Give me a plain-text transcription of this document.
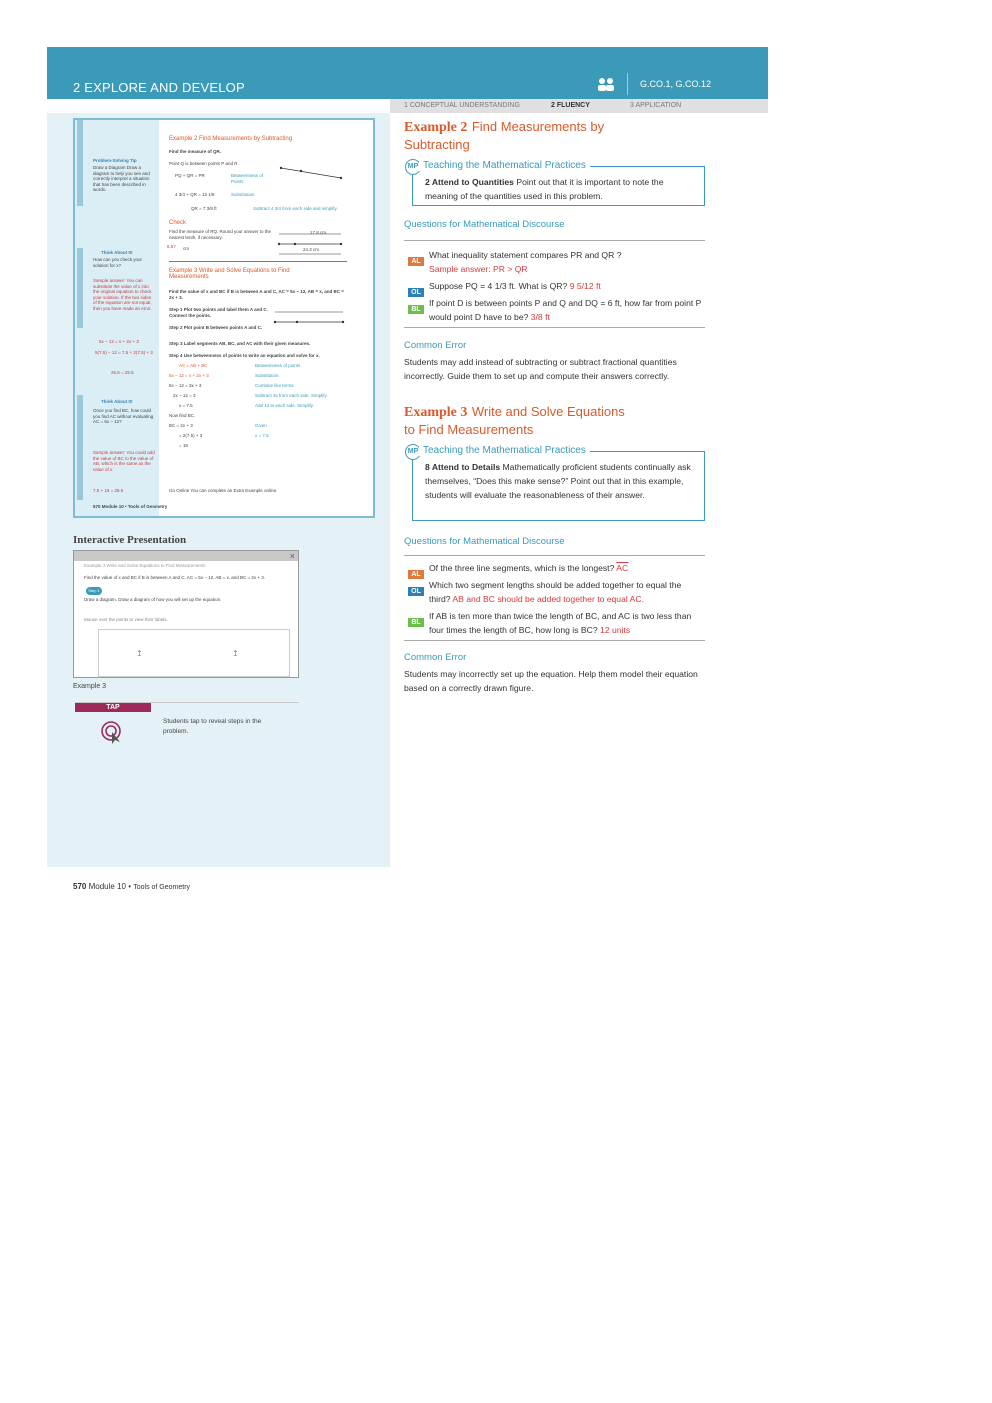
2 EXPLORE AND DEVELOP	G.CO.1, G.CO.12
1 CONCEPTUAL UNDERSTANDING	2 FLUENCY	3 APPLICATION
Problem-Solving Tip
Draw a Diagram Draw a diagram to help you see and correctly interpret a situation that has been described in words.
Think About It!
How can you check your solution for x?
Sample answer: You can substitute the value of x into the original equation to check your solution. If the two sides of the equation are not equal, then you have made an error.
5x − 12 = x + 2x + 3
5(7.5) − 12 = 7.5 + 2(7.5) + 3
25.5 = 25.5
Think About It!
Once you find BC, how could you find AC without evaluating AC = 5x − 12?
Sample answer: You could add the value of BC to the value of AB, which is the same as the value of x.
7.5 + 18 = 25.5
Example 2 Find Measurements by Subtracting
Find the measure of QR.
Point Q is between points P and R.
PQ + QR = PR	Betweenness of Points
4 3/4 + QR = 13 1/8	Substitution
QR = 7 3/8 ft	Subtract 4 3/4 from each side and simplify.
Check
Find the measure of RQ. Round your answer to the nearest tenth, if necessary.
6.57	cm
17.8 cm
24.3 cm
Example 3 Write and Solve Equations to Find Measurements
Find the value of x and BC if B is between A and C, AC = 5x − 12, AB = x, and BC = 2x + 3.
Step 1 Plot two points and label them A and C. Connect the points.
Step 2 Plot point B between points A and C.
Step 3 Label segments AB, BC, and AC with their given measures.
Step 4 Use betweenness of points to write an equation and solve for x.
AC = AB + BC	Betweenness of points
5x − 12 = x + 2x + 3	Substitution
5x − 12 = 3x + 3	Combine like terms.
2x − 12 = 3	Subtract 3x from each side. Simplify.
x = 7.5	Add 12 to each side. Simplify.
Now find BC.
BC = 2x + 3	Given
= 2(7.5) + 3	x = 7.5
= 18
Go Online You can complete an Extra Example online.
570 Module 10 • Tools of Geometry
Interactive Presentation
×
Example 3 Write and Solve Equations to Find Measurements
Find the value of x and BC if B is between A and C, AC = 5x − 12, AB = x, and BC = 2x + 3.
Step 1
Draw a diagram. Draw a diagram of how you will set up the equation.
Mouse over the points to view their labels.
↥	↥
Example 3
TAP
Students tap to reveal steps in the problem.
570 Module 10 • Tools of Geometry
Example 2 Find Measurements by
Subtracting
MP Teaching the Mathematical Practices
2 Attend to Quantities Point out that it is important to note the meaning of the quantities used in this problem.
Questions for Mathematical Discourse
AL
What inequality statement compares PR and QR ?
Sample answer: PR > QR
OL
Suppose PQ = 4 1/3 ft. What is QR? 9 5/12 ft
BL
If point D is between points P and Q and DQ = 6 ft, how far from point P would point D have to be? 3/8 ft
Common Error
Students may add instead of subtracting or subtract fractional quantities incorrectly. Guide them to set up and compute their answers correctly.
Example 3 Write and Solve Equations
to Find Measurements
MP Teaching the Mathematical Practices
8 Attend to Details Mathematically proficient students continually ask themselves, “Does this make sense?” Point out that in this example, students will evaluate the reasonableness of their answer.
Questions for Mathematical Discourse
AL
Of the three line segments, which is the longest? $\overline{AC}$
OL
Which two segment lengths should be added together to equal the third? AB and BC should be added together to equal AC.
BL
If AB is ten more than twice the length of BC, and AC is two less than four times the length of BC, how long is BC? 12 units
Common Error
Students may incorrectly set up the equation. Help them model their equation based on a correctly drawn figure.
